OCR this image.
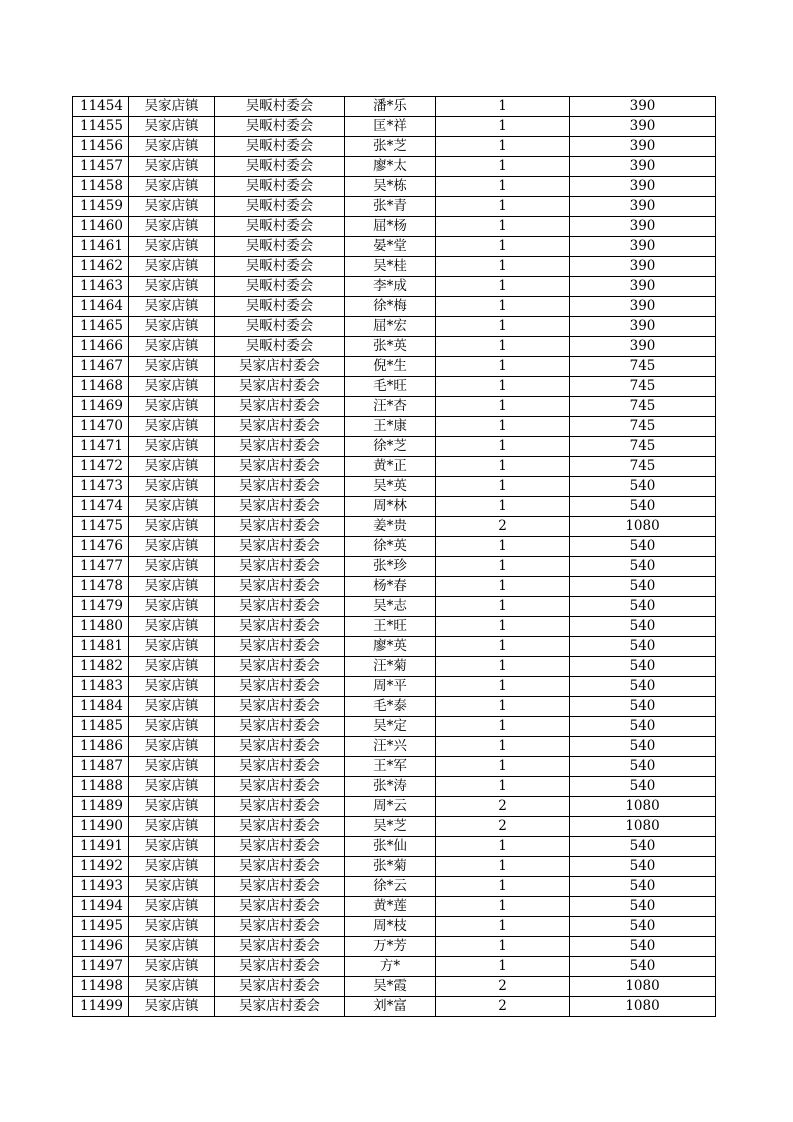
11454	吴家店镇	吴畈村委会	潘*乐	1	390
11455	吴家店镇	吴畈村委会	匡*祥	1	390
11456	吴家店镇	吴畈村委会	张*芝	1	390
11457	吴家店镇	吴畈村委会	廖*太	1	390
11458	吴家店镇	吴畈村委会	吴*栋	1	390
11459	吴家店镇	吴畈村委会	张*青	1	390
11460	吴家店镇	吴畈村委会	屈*杨	1	390
11461	吴家店镇	吴畈村委会	晏*堂	1	390
11462	吴家店镇	吴畈村委会	吴*桂	1	390
11463	吴家店镇	吴畈村委会	李*成	1	390
11464	吴家店镇	吴畈村委会	徐*梅	1	390
11465	吴家店镇	吴畈村委会	屈*宏	1	390
11466	吴家店镇	吴畈村委会	张*英	1	390
11467	吴家店镇	吴家店村委会	倪*生	1	745
11468	吴家店镇	吴家店村委会	毛*旺	1	745
11469	吴家店镇	吴家店村委会	汪*杏	1	745
11470	吴家店镇	吴家店村委会	王*康	1	745
11471	吴家店镇	吴家店村委会	徐*芝	1	745
11472	吴家店镇	吴家店村委会	黄*正	1	745
11473	吴家店镇	吴家店村委会	吴*英	1	540
11474	吴家店镇	吴家店村委会	周*林	1	540
11475	吴家店镇	吴家店村委会	姜*贵	2	1080
11476	吴家店镇	吴家店村委会	徐*英	1	540
11477	吴家店镇	吴家店村委会	张*珍	1	540
11478	吴家店镇	吴家店村委会	杨*春	1	540
11479	吴家店镇	吴家店村委会	吴*志	1	540
11480	吴家店镇	吴家店村委会	王*旺	1	540
11481	吴家店镇	吴家店村委会	廖*英	1	540
11482	吴家店镇	吴家店村委会	汪*菊	1	540
11483	吴家店镇	吴家店村委会	周*平	1	540
11484	吴家店镇	吴家店村委会	毛*泰	1	540
11485	吴家店镇	吴家店村委会	吴*定	1	540
11486	吴家店镇	吴家店村委会	汪*兴	1	540
11487	吴家店镇	吴家店村委会	王*军	1	540
11488	吴家店镇	吴家店村委会	张*涛	1	540
11489	吴家店镇	吴家店村委会	周*云	2	1080
11490	吴家店镇	吴家店村委会	吴*芝	2	1080
11491	吴家店镇	吴家店村委会	张*仙	1	540
11492	吴家店镇	吴家店村委会	张*菊	1	540
11493	吴家店镇	吴家店村委会	徐*云	1	540
11494	吴家店镇	吴家店村委会	黄*莲	1	540
11495	吴家店镇	吴家店村委会	周*枝	1	540
11496	吴家店镇	吴家店村委会	万*芳	1	540
11497	吴家店镇	吴家店村委会	方*	1	540
11498	吴家店镇	吴家店村委会	吴*霞	2	1080
11499	吴家店镇	吴家店村委会	刘*富	2	1080
